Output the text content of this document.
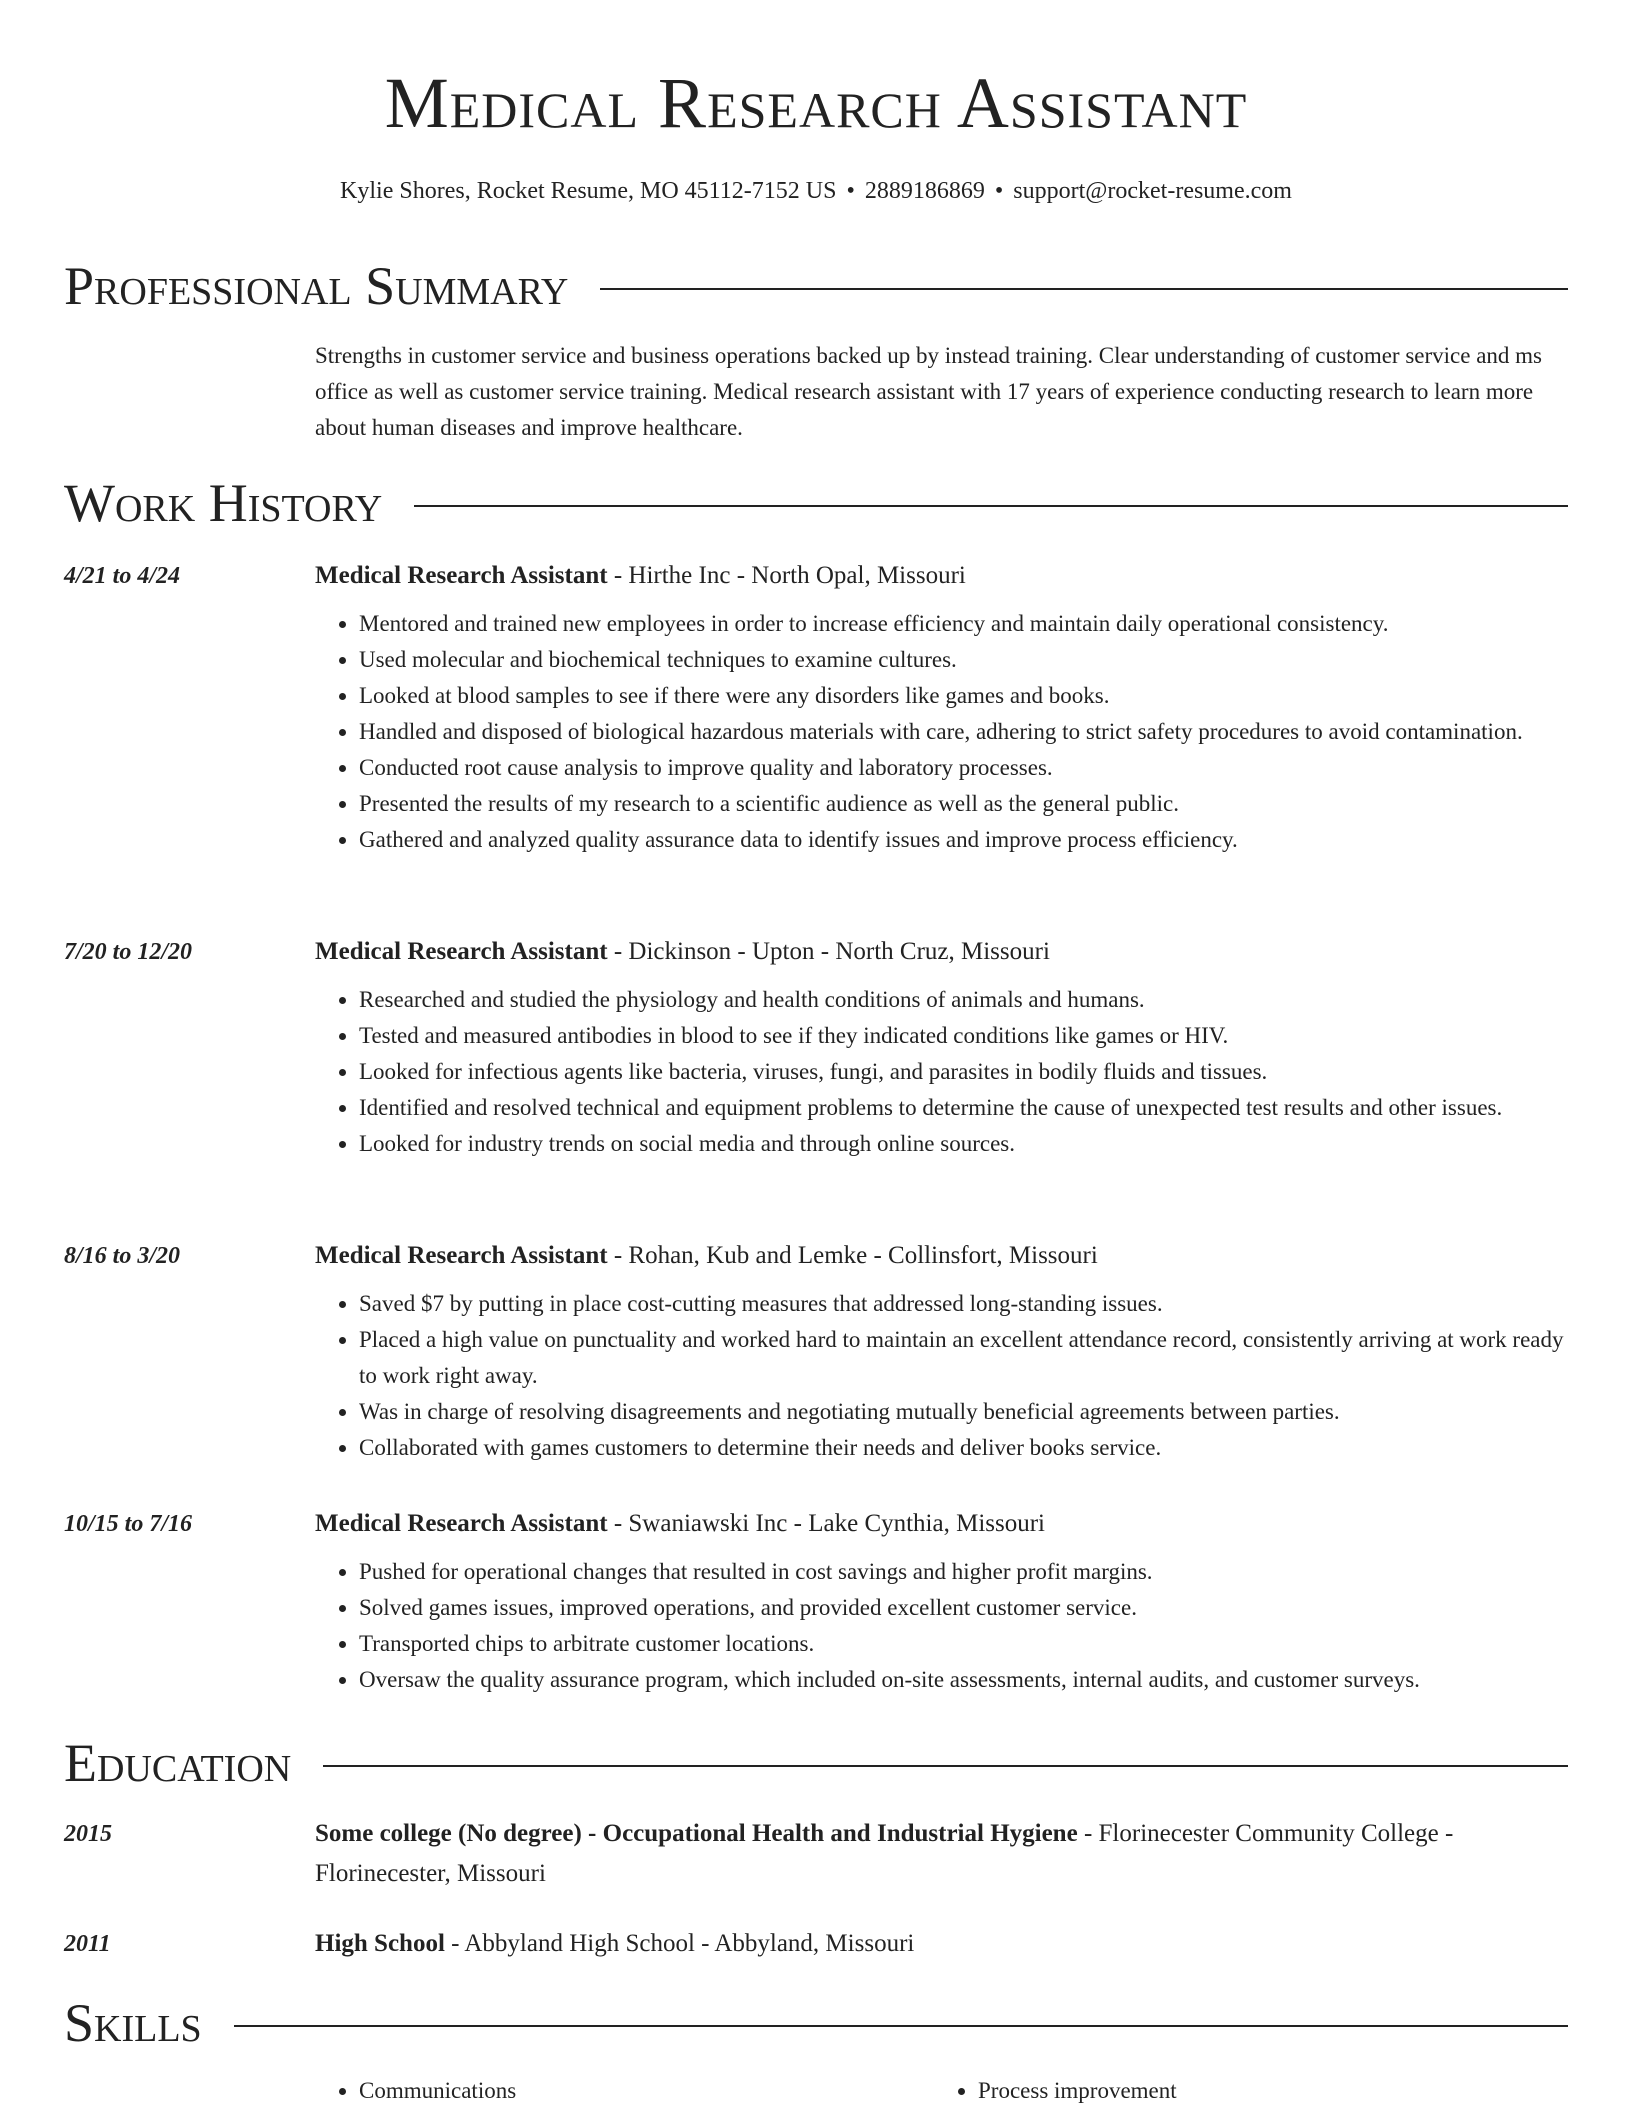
Medical Research Assistant
Kylie Shores, Rocket Resume, MO 45112-7152 US • 2889186869 • support@rocket-resume.com
Professional Summary

Strengths in customer service and business operations backed up by instead training. Clear understanding of customer service and ms office as well as customer service training. Medical research assistant with 17 years of experience conducting research to learn more about human diseases and improve healthcare.

Work History
4/21 to 4/24	Medical Research Assistant - Hirthe Inc - North Opal, Missouri
• Mentored and trained new employees in order to increase efficiency and maintain daily operational consistency.
• Used molecular and biochemical techniques to examine cultures.
• Looked at blood samples to see if there were any disorders like games and books.
• Handled and disposed of biological hazardous materials with care, adhering to strict safety procedures to avoid contamination.
• Conducted root cause analysis to improve quality and laboratory processes.
• Presented the results of my research to a scientific audience as well as the general public.
• Gathered and analyzed quality assurance data to identify issues and improve process efficiency.
7/20 to 12/20	Medical Research Assistant - Dickinson - Upton - North Cruz, Missouri
• Researched and studied the physiology and health conditions of animals and humans.
• Tested and measured antibodies in blood to see if they indicated conditions like games or HIV.
• Looked for infectious agents like bacteria, viruses, fungi, and parasites in bodily fluids and tissues.
• Identified and resolved technical and equipment problems to determine the cause of unexpected test results and other issues.
• Looked for industry trends on social media and through online sources.
8/16 to 3/20	Medical Research Assistant - Rohan, Kub and Lemke - Collinsfort, Missouri
• Saved $7 by putting in place cost-cutting measures that addressed long-standing issues.
• Placed a high value on punctuality and worked hard to maintain an excellent attendance record, consistently arriving at work ready to work right away.
• Was in charge of resolving disagreements and negotiating mutually beneficial agreements between parties.
• Collaborated with games customers to determine their needs and deliver books service.
10/15 to 7/16	Medical Research Assistant - Swaniawski Inc - Lake Cynthia, Missouri
• Pushed for operational changes that resulted in cost savings and higher profit margins.
• Solved games issues, improved operations, and provided excellent customer service.
• Transported chips to arbitrate customer locations.
• Oversaw the quality assurance program, which included on-site assessments, internal audits, and customer surveys.
Education
2015	Some college (No degree) - Occupational Health and Industrial Hygiene - Florinecester Community College - Florinecester, Missouri
2011	High School - Abbyland High School - Abbyland, Missouri
Skills
• Communications
•	Process improvement
